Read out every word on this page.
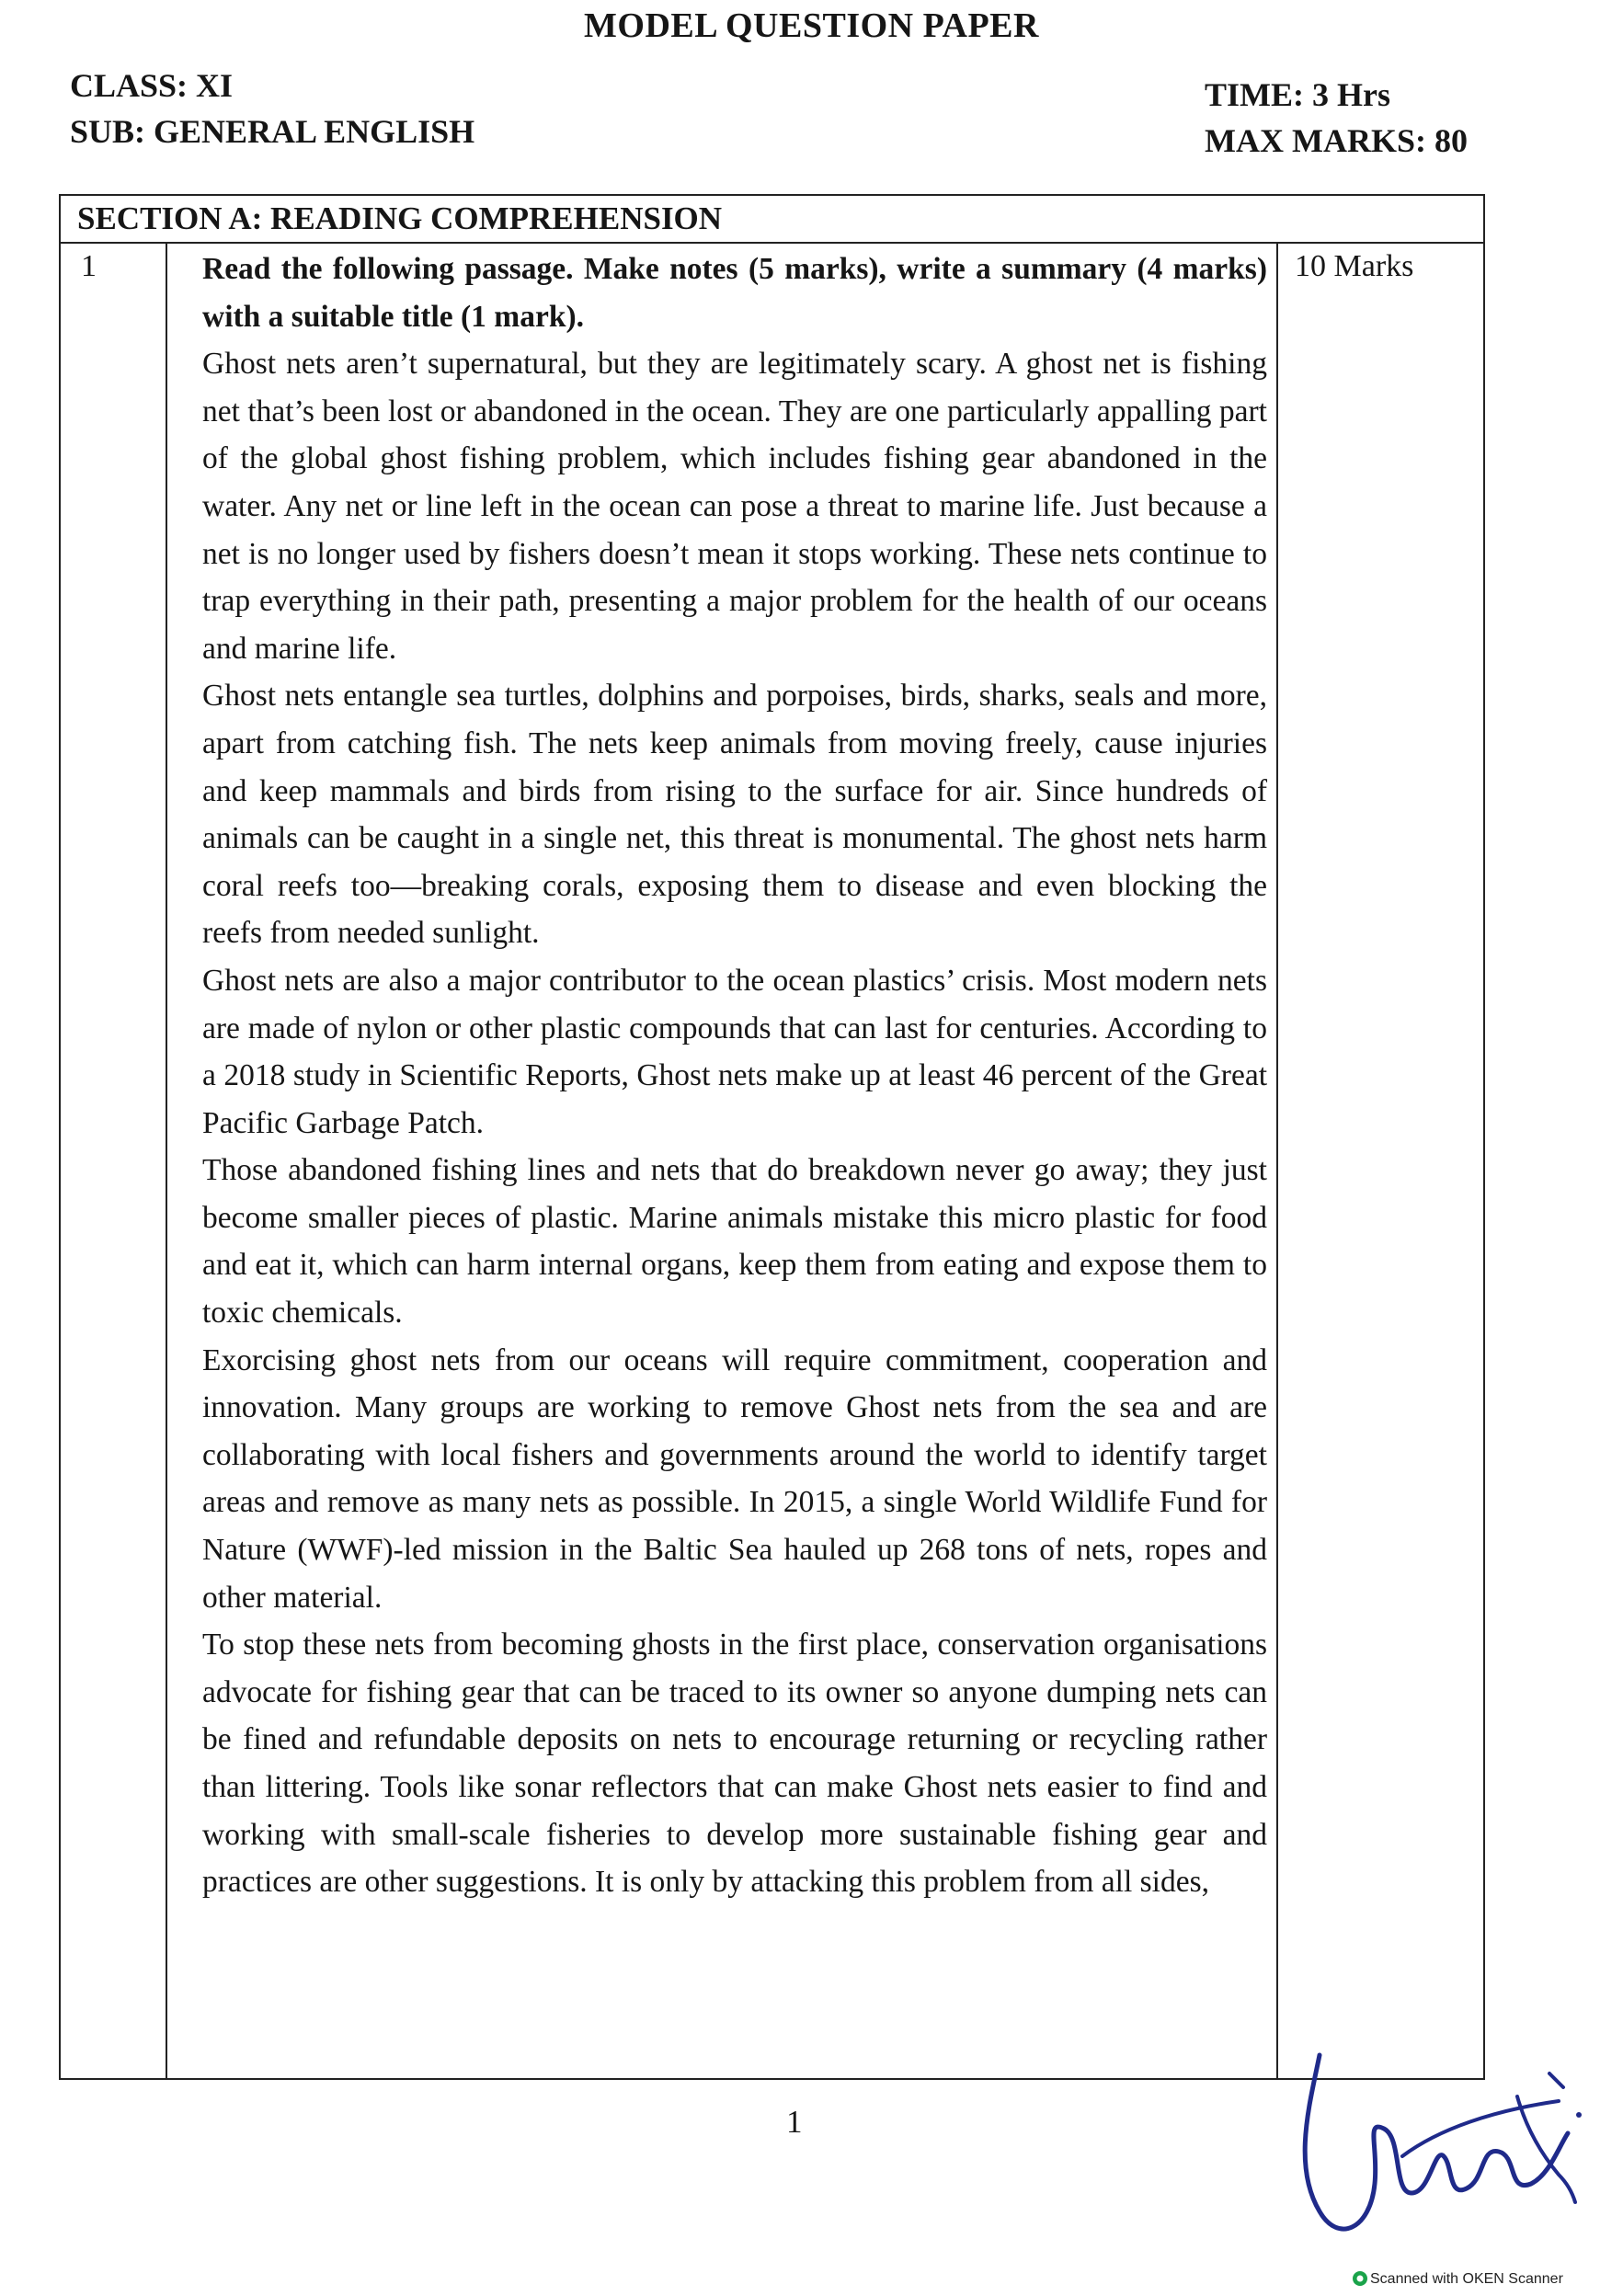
MODEL QUESTION PAPER
CLASS: XI
SUB: GENERAL ENGLISH
TIME: 3 Hrs
MAX MARKS: 80
SECTION A: READING COMPREHENSION
1	10 Marks
Read the following passage. Make notes (5 marks), write a summary (4 marks) with a suitable title (1 mark).
Ghost nets aren’t supernatural, but they are legitimately scary. A ghost net is fishing net that’s been lost or abandoned in the ocean. They are one particularly appalling part of the global ghost fishing problem, which includes fishing gear abandoned in the water. Any net or line left in the ocean can pose a threat to marine life. Just because a net is no longer used by fishers doesn’t mean it stops working. These nets continue to trap everything in their path, presenting a major problem for the health of our oceans and marine life.
Ghost nets entangle sea turtles, dolphins and porpoises, birds, sharks, seals and more, apart from catching fish. The nets keep animals from moving freely, cause injuries and keep mammals and birds from rising to the surface for air. Since hundreds of animals can be caught in a single net, this threat is monumental. The ghost nets harm coral reefs too—breaking corals, exposing them to disease and even blocking the reefs from needed sunlight.
Ghost nets are also a major contributor to the ocean plastics’ crisis. Most modern nets are made of nylon or other plastic compounds that can last for centuries. According to a 2018 study in Scientific Reports, Ghost nets make up at least 46 percent of the Great Pacific Garbage Patch.
Those abandoned fishing lines and nets that do breakdown never go away; they just become smaller pieces of plastic. Marine animals mistake this micro plastic for food and eat it, which can harm internal organs, keep them from eating and expose them to toxic chemicals.
Exorcising ghost nets from our oceans will require commitment, cooperation and innovation. Many groups are working to remove Ghost nets from the sea and are collaborating with local fishers and governments around the world to identify target areas and remove as many nets as possible. In 2015, a single World Wildlife Fund for Nature (WWF)-led mission in the Baltic Sea hauled up 268 tons of nets, ropes and other material.
To stop these nets from becoming ghosts in the first place, conservation organisations advocate for fishing gear that can be traced to its owner so anyone dumping nets can be fined and refundable deposits on nets to encourage returning or recycling rather than littering. Tools like sonar reflectors that can make Ghost nets easier to find and working with small-scale fisheries to develop more sustainable fishing gear and practices are other suggestions. It is only by attacking this problem from all sides,
1
Scanned with OKEN Scanner
